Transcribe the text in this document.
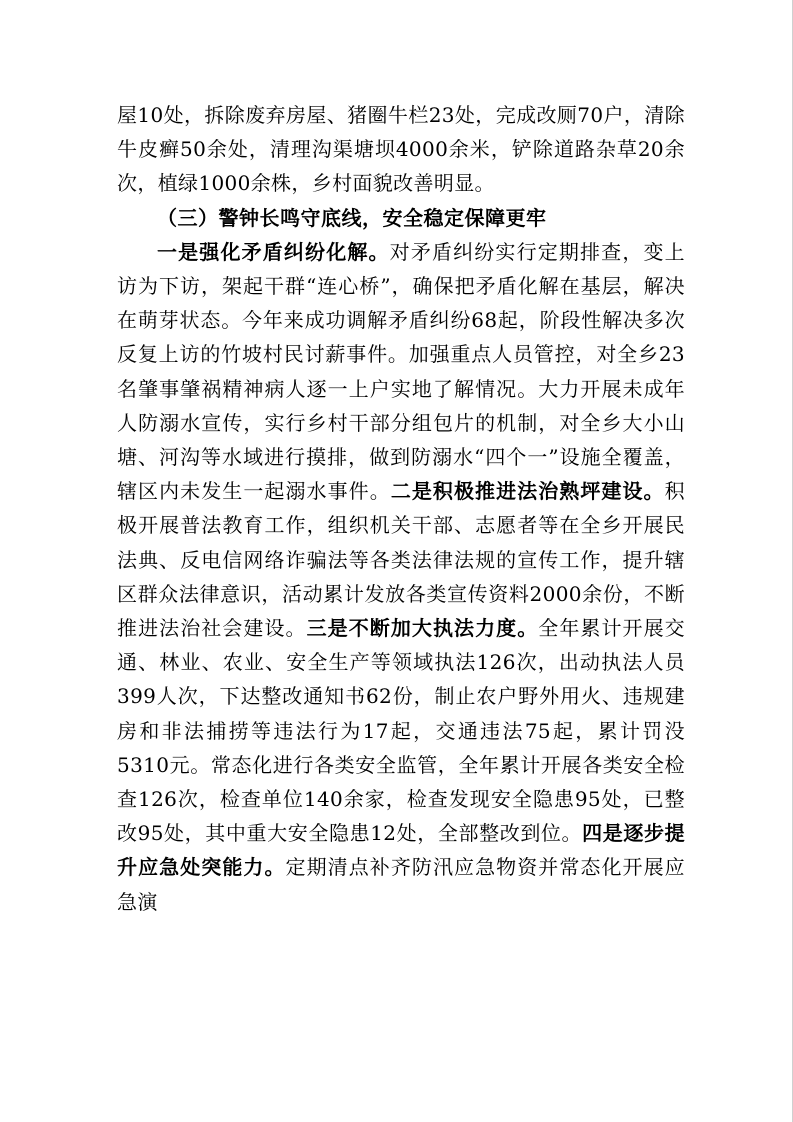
屋10处，拆除废弃房屋、猪圈牛栏23处，完成改厕70户，清除牛皮癣50余处，清理沟渠塘坝4000余米，铲除道路杂草20余次，植绿1000余株，乡村面貌改善明显。

（三）警钟长鸣守底线，安全稳定保障更牢

一是强化矛盾纠纷化解。对矛盾纠纷实行定期排查，变上访为下访，架起干群“连心桥”，确保把矛盾化解在基层，解决在萌芽状态。今年来成功调解矛盾纠纷68起，阶段性解决多次反复上访的竹坡村民讨薪事件。加强重点人员管控，对全乡23名肇事肇祸精神病人逐一上户实地了解情况。大力开展未成年人防溺水宣传，实行乡村干部分组包片的机制，对全乡大小山塘、河沟等水域进行摸排，做到防溺水“四个一”设施全覆盖，辖区内未发生一起溺水事件。二是积极推进法治熟坪建设。积极开展普法教育工作，组织机关干部、志愿者等在全乡开展民法典、反电信网络诈骗法等各类法律法规的宣传工作，提升辖区群众法律意识，活动累计发放各类宣传资料2000余份，不断推进法治社会建设。三是不断加大执法力度。全年累计开展交通、林业、农业、安全生产等领域执法126次，出动执法人员399人次，下达整改通知书62份，制止农户野外用火、违规建房和非法捕捞等违法行为17起，交通违法75起，累计罚没5310元。常态化进行各类安全监管，全年累计开展各类安全检查126次，检查单位140余家，检查发现安全隐患95处，已整改95处，其中重大安全隐患12处，全部整改到位。四是逐步提升应急处突能力。定期清点补齐防汛应急物资并常态化开展应急演
